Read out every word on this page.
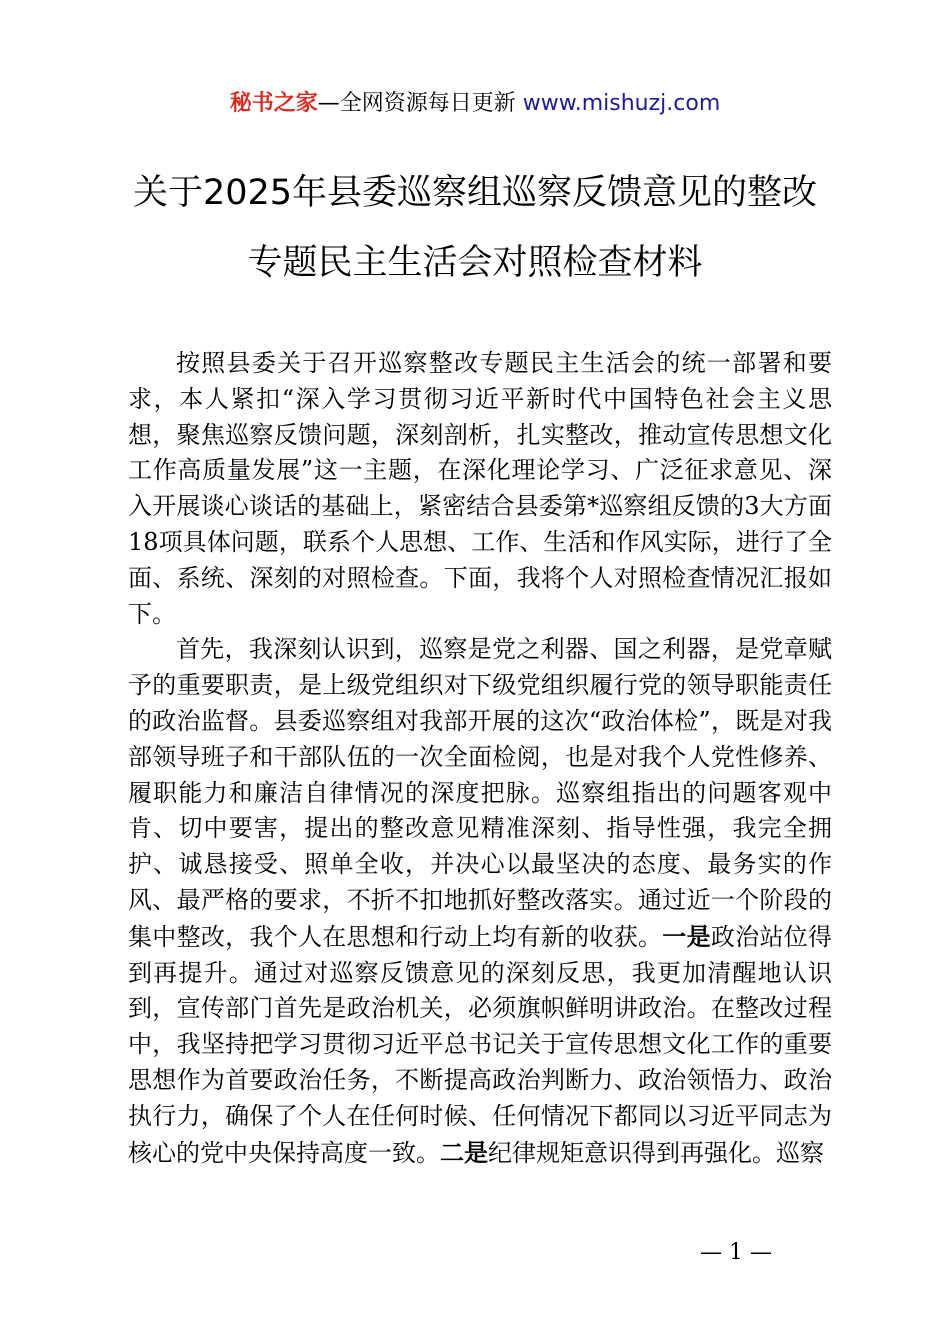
秘书之家—全网资源每日更新 www.mishuzj.com
关于2025年县委巡察组巡察反馈意见的整改
专题民主生活会对照检查材料

按照县委关于召开巡察整改专题民主生活会的统一部署和要求，本人紧扣“深入学习贯彻习近平新时代中国特色社会主义思想，聚焦巡察反馈问题，深刻剖析，扎实整改，推动宣传思想文化工作高质量发展”这一主题，在深化理论学习、广泛征求意见、深入开展谈心谈话的基础上，紧密结合县委第*巡察组反馈的3大方面18项具体问题，联系个人思想、工作、生活和作风实际，进行了全面、系统、深刻的对照检查。下面，我将个人对照检查情况汇报如下。

首先，我深刻认识到，巡察是党之利器、国之利器，是党章赋予的重要职责，是上级党组织对下级党组织履行党的领导职能责任的政治监督。县委巡察组对我部开展的这次“政治体检”，既是对我部领导班子和干部队伍的一次全面检阅，也是对我个人党性修养、履职能力和廉洁自律情况的深度把脉。巡察组指出的问题客观中肯、切中要害，提出的整改意见精准深刻、指导性强，我完全拥护、诚恳接受、照单全收，并决心以最坚决的态度、最务实的作风、最严格的要求，不折不扣地抓好整改落实。通过近一个阶段的集中整改，我个人在思想和行动上均有新的收获。一是政治站位得到再提升。通过对巡察反馈意见的深刻反思，我更加清醒地认识到，宣传部门首先是政治机关，必须旗帜鲜明讲政治。在整改过程中，我坚持把学习贯彻习近平总书记关于宣传思想文化工作的重要思想作为首要政治任务，不断提高政治判断力、政治领悟力、政治执行力，确保了个人在任何时候、任何情况下都同以习近平同志为核心的党中央保持高度一致。二是纪律规矩意识得到再强化。巡察

— 1 —
